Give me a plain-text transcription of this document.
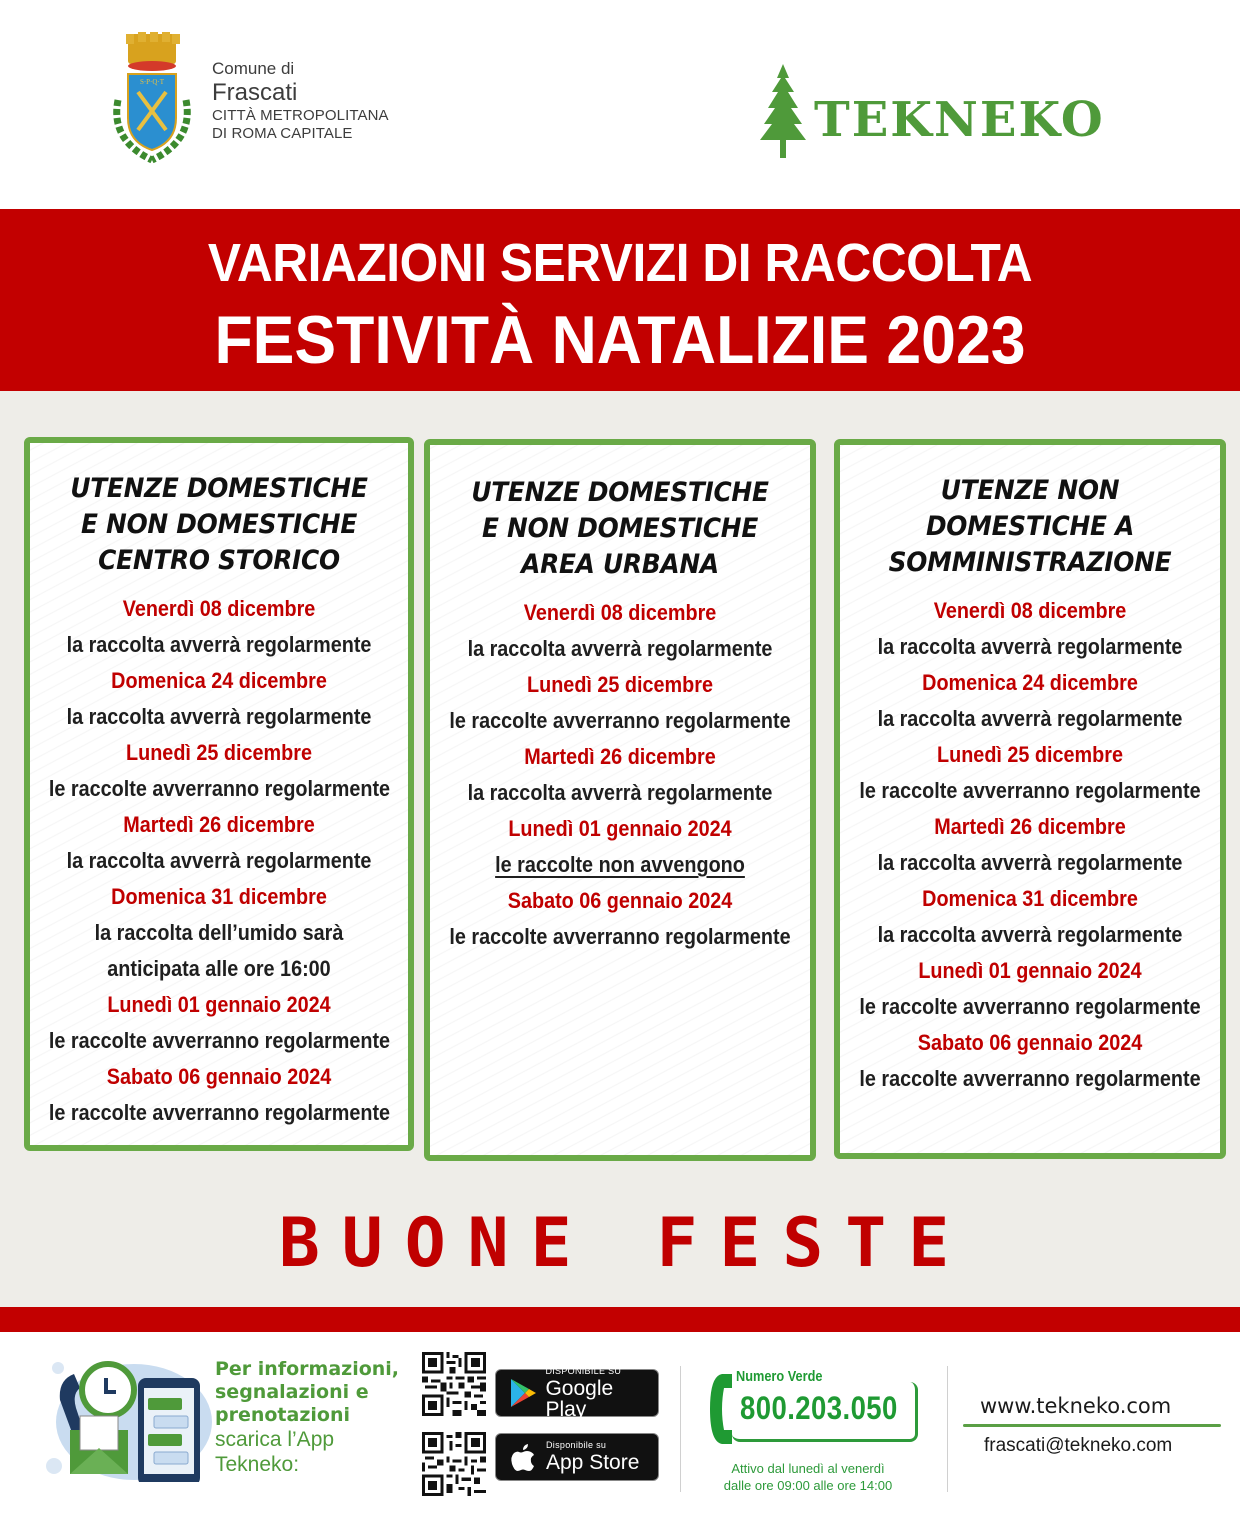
S·P·Q·T
Comune di
Frascati
CITTÀ METROPOLITANA
DI ROMA CAPITALE	TEKNEKO
VARIAZIONI SERVIZI DI RACCOLTA
FESTIVITÀ NATALIZIE 2023
UTENZE DOMESTICHE
E NON DOMESTICHE
CENTRO STORICO
Venerdì 08 dicembre
la raccolta avverrà regolarmente
Domenica 24 dicembre
la raccolta avverrà regolarmente
Lunedì 25 dicembre
le raccolte avverranno regolarmente
Martedì 26 dicembre
la raccolta avverrà regolarmente
Domenica 31 dicembre
la raccolta dell’umido sarà
anticipata alle ore 16:00
Lunedì 01 gennaio 2024
le raccolte avverranno regolarmente
Sabato 06 gennaio 2024
le raccolte avverranno regolarmente
UTENZE DOMESTICHE
E NON DOMESTICHE
AREA URBANA
Venerdì 08 dicembre
la raccolta avverrà regolarmente
Lunedì 25 dicembre
le raccolte avverranno regolarmente
Martedì 26 dicembre
la raccolta avverrà regolarmente
Lunedì 01 gennaio 2024
le raccolte non avvengono
Sabato 06 gennaio 2024
le raccolte avverranno regolarmente
UTENZE NON
DOMESTICHE A
SOMMINISTRAZIONE
Venerdì 08 dicembre
la raccolta avverrà regolarmente
Domenica 24 dicembre
la raccolta avverrà regolarmente
Lunedì 25 dicembre
le raccolte avverranno regolarmente
Martedì 26 dicembre
la raccolta avverrà regolarmente
Domenica 31 dicembre
la raccolta avverrà regolarmente
Lunedì 01 gennaio 2024
le raccolte avverranno regolarmente
Sabato 06 gennaio 2024
le raccolte avverranno regolarmente
BUONE FESTE
Per informazioni,
segnalazioni e
prenotazioni
scarica l’App
Tekneko:
DISPONIBILE SU
Google Play
Disponibile su
App Store
Numero Verde
800.203.050
Attivo dal lunedì al venerdì
dalle ore 09:00 alle ore 14:00
www.tekneko.com
frascati@tekneko.com
